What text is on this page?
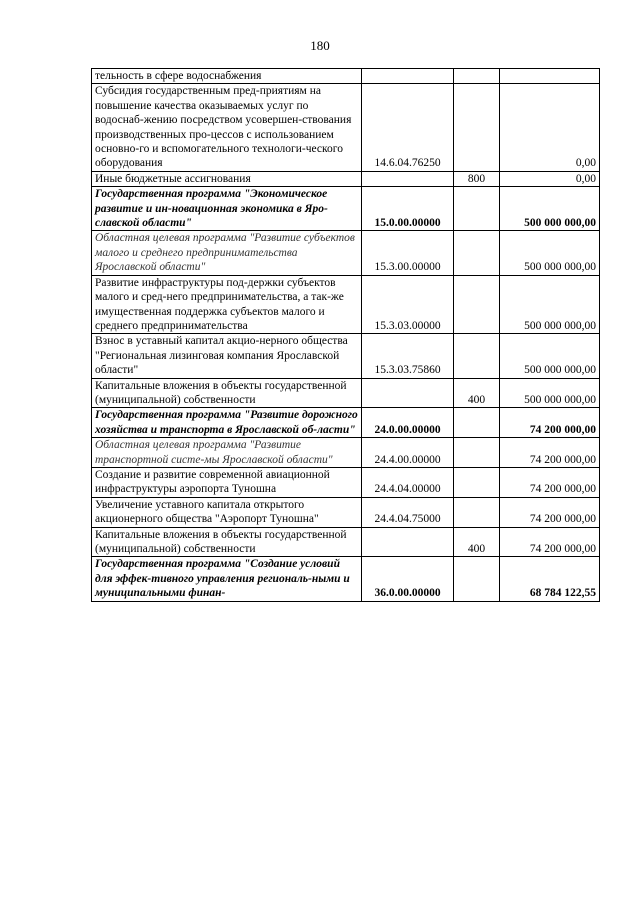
180
тельность в сфере водоснабжения			
Субсидия государственным пред-приятиям на повышение качества оказываемых услуг по водоснаб-жению посредством усовершен-ствования производственных про-цессов с использованием основно-го и вспомогательного технологи-ческого оборудования	14.6.04.76250		0,00
Иные бюджетные ассигнования		800	0,00
Государственная программа "Экономическое развитие и ин-новационная экономика в Яро-славской области"	15.0.00.00000		500 000 000,00
Областная целевая программа "Развитие субъектов малого и среднего предпринимательства Ярославской области"	15.3.00.00000		500 000 000,00
Развитие инфраструктуры под-держки субъектов малого и сред-него предпринимательства, а так-же имущественная поддержка субъектов малого и среднего предпринимательства	15.3.03.00000		500 000 000,00
Взнос в уставный капитал акцио-нерного общества "Региональная лизинговая компания Ярославской области"	15.3.03.75860		500 000 000,00
Капитальные вложения в объекты государственной (муниципальной) собственности		400	500 000 000,00
Государственная программа "Развитие дорожного хозяйства и транспорта в Ярославской об-ласти"	24.0.00.00000		74 200 000,00
Областная целевая программа "Развитие транспортной систе-мы Ярославской области"	24.4.00.00000		74 200 000,00
Создание и развитие современной авиационной инфраструктуры аэропорта Туношна	24.4.04.00000		74 200 000,00
Увеличение уставного капитала открытого акционерного общества "Аэропорт Туношна"	24.4.04.75000		74 200 000,00
Капитальные вложения в объекты государственной (муниципальной) собственности		400	74 200 000,00
Государственная программа "Создание условий для эффек-тивного управления региональ-ными и муниципальными финан-	36.0.00.00000		68 784 122,55
